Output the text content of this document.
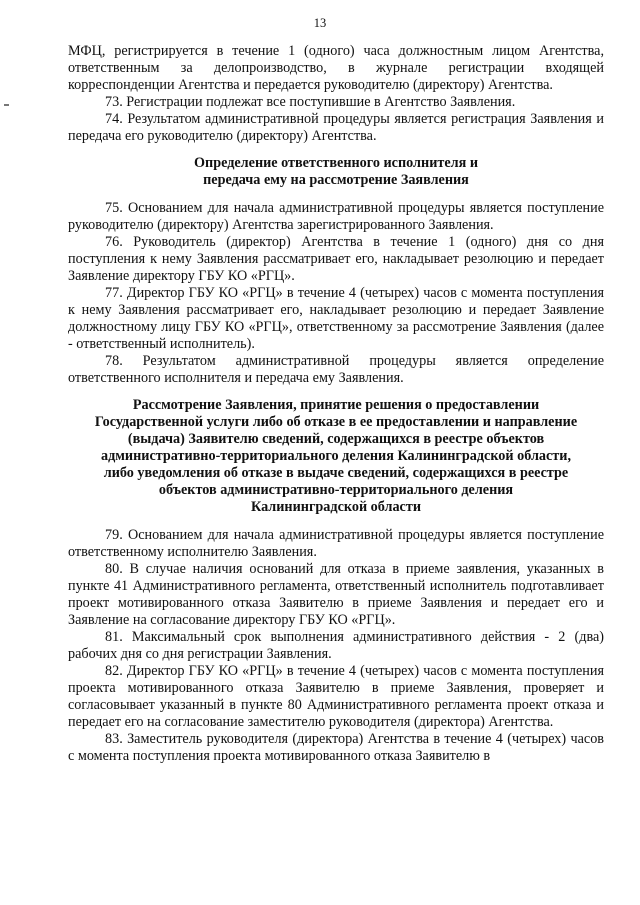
13

МФЦ, регистрируется в течение 1 (одного) часа должностным лицом Агентства, ответственным за делопроизводство, в журнале регистрации входящей корреспонденции Агентства и передается руководителю (директору) Агентства.

73. Регистрации подлежат все поступившие в Агентство Заявления.

74. Результатом административной процедуры является регистрация Заявления и передача его руководителю (директору) Агентства.

Определение ответственного исполнителя и
передача ему на рассмотрение Заявления

75. Основанием для начала административной процедуры является поступление руководителю (директору) Агентства зарегистрированного Заявления.

76. Руководитель (директор) Агентства в течение 1 (одного) дня со дня поступления к нему Заявления рассматривает его, накладывает резолюцию и передает Заявление директору ГБУ КО «РГЦ».

77. Директор ГБУ КО «РГЦ» в течение 4 (четырех) часов с момента поступления к нему Заявления рассматривает его, накладывает резолюцию и передает Заявление должностному лицу ГБУ КО «РГЦ», ответственному за рассмотрение Заявления (далее - ответственный исполнитель).

78. Результатом административной процедуры является определение ответственного исполнителя и передача ему Заявления.

Рассмотрение Заявления, принятие решения о предоставлении
Государственной услуги либо об отказе в ее предоставлении и направление
(выдача) Заявителю сведений, содержащихся в реестре объектов
административно-территориального деления Калининградской области,
либо уведомления об отказе в выдаче сведений, содержащихся в реестре
объектов административно-территориального деления
Калининградской области

79. Основанием для начала административной процедуры является поступление ответственному исполнителю Заявления.

80. В случае наличия оснований для отказа в приеме заявления, указанных в пункте 41 Административного регламента, ответственный исполнитель подготавливает проект мотивированного отказа Заявителю в приеме Заявления и передает его и Заявление на согласование директору ГБУ КО «РГЦ».

81. Максимальный срок выполнения административного действия - 2 (два) рабочих дня со дня регистрации Заявления.

82. Директор ГБУ КО «РГЦ» в течение 4 (четырех) часов с момента поступления проекта мотивированного отказа Заявителю в приеме Заявления, проверяет и согласовывает указанный в пункте 80 Административного регламента проект отказа и передает его на согласование заместителю руководителя (директора) Агентства.

83. Заместитель руководителя (директора) Агентства в течение 4 (четырех) часов с момента поступления проекта мотивированного отказа Заявителю в
